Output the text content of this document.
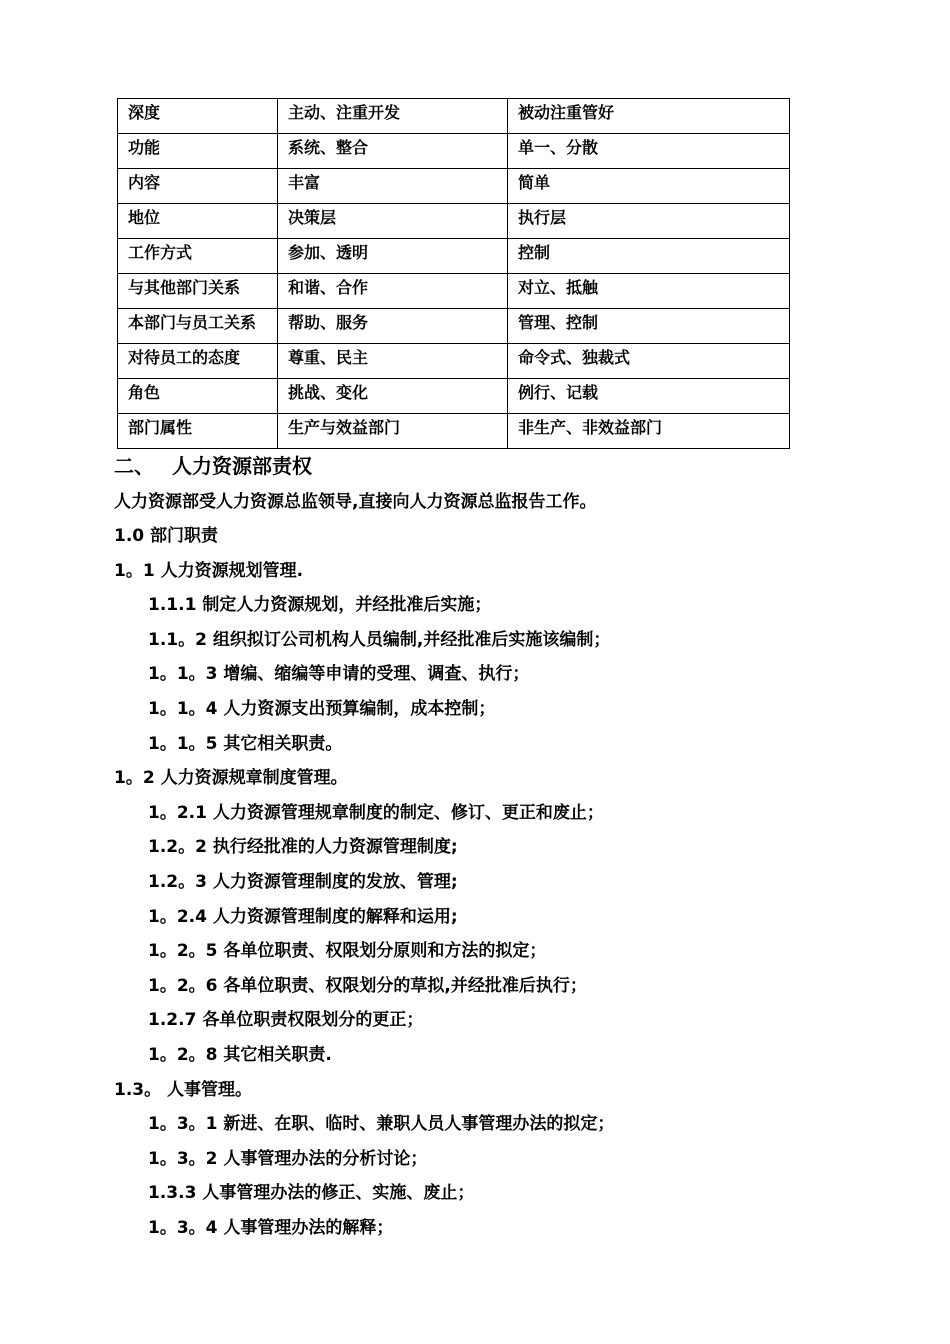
深度	主动、注重开发	被动注重管好
功能	系统、整合	单一、分散
内容	丰富	简单
地位	决策层	执行层
工作方式	参加、透明	控制
与其他部门关系	和谐、合作	对立、抵触
本部门与员工关系	帮助、服务	管理、控制
对待员工的态度	尊重、民主	命令式、独裁式
角色	挑战、变化	例行、记载
部门属性	生产与效益部门	非生产、非效益部门
二、 人力资源部责权
人力资源部受人力资源总监领导,直接向人力资源总监报告工作。
1.0 部门职责
1。1 人力资源规划管理.
1.1.1 制定人力资源规划，并经批准后实施；
1.1。2 组织拟订公司机构人员编制,并经批准后实施该编制；
1。1。3 增编、缩编等申请的受理、调查、执行；
1。1。4 人力资源支出预算编制，成本控制；
1。1。5 其它相关职责。
1。2 人力资源规章制度管理。
1。2.1 人力资源管理规章制度的制定、修订、更正和废止；
1.2。2 执行经批准的人力资源管理制度;
1.2。3 人力资源管理制度的发放、管理;
1。2.4 人力资源管理制度的解释和运用;
1。2。5 各单位职责、权限划分原则和方法的拟定；
1。2。6 各单位职责、权限划分的草拟,并经批准后执行；
1.2.7 各单位职责权限划分的更正；
1。2。8 其它相关职责.
1.3。 人事管理。
1。3。1 新进、在职、临时、兼职人员人事管理办法的拟定；
1。3。2 人事管理办法的分析讨论；
1.3.3 人事管理办法的修正、实施、废止；
1。3。4 人事管理办法的解释；
